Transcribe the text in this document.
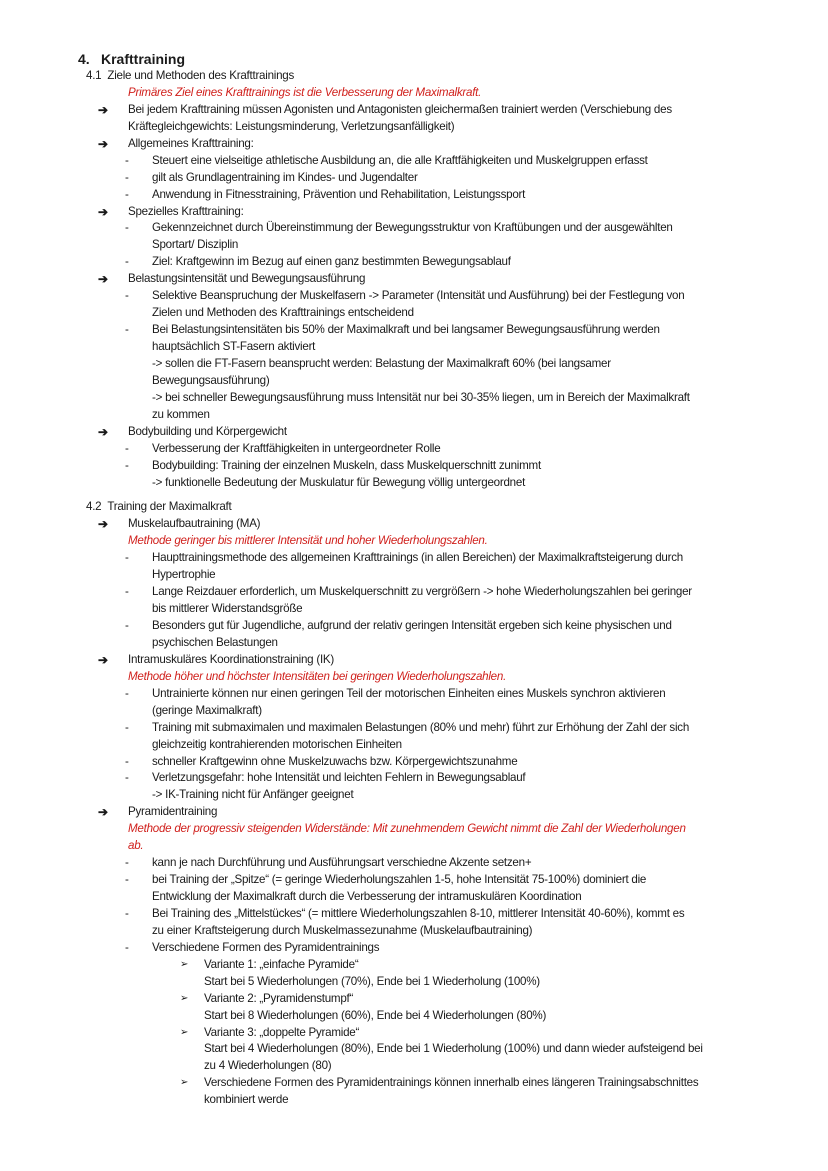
4. Krafttraining
4.1 Ziele und Methoden des Krafttrainings
Primäres Ziel eines Krafttrainings ist die Verbesserung der Maximalkraft.
➔ Bei jedem Krafttraining müssen Agonisten und Antagonisten gleichermaßen trainiert werden (Verschiebung des
Kräftegleichgewichts: Leistungsminderung, Verletzungsanfälligkeit)
➔ Allgemeines Krafttraining:
- Steuert eine vielseitige athletische Ausbildung an, die alle Kraftfähigkeiten und Muskelgruppen erfasst
- gilt als Grundlagentraining im Kindes- und Jugendalter
- Anwendung in Fitnesstraining, Prävention und Rehabilitation, Leistungssport
➔ Spezielles Krafttraining:
- Gekennzeichnet durch Übereinstimmung der Bewegungsstruktur von Kraftübungen und der ausgewählten
Sportart/ Disziplin
- Ziel: Kraftgewinn im Bezug auf einen ganz bestimmten Bewegungsablauf
➔ Belastungsintensität und Bewegungsausführung
- Selektive Beanspruchung der Muskelfasern -> Parameter (Intensität und Ausführung) bei der Festlegung von
Zielen und Methoden des Krafttrainings entscheidend
- Bei Belastungsintensitäten bis 50% der Maximalkraft und bei langsamer Bewegungsausführung werden
hauptsächlich ST-Fasern aktiviert
-> sollen die FT-Fasern beansprucht werden: Belastung der Maximalkraft 60% (bei langsamer
Bewegungsausführung)
-> bei schneller Bewegungsausführung muss Intensität nur bei 30-35% liegen, um in Bereich der Maximalkraft
zu kommen
➔ Bodybuilding und Körpergewicht
- Verbesserung der Kraftfähigkeiten in untergeordneter Rolle
- Bodybuilding: Training der einzelnen Muskeln, dass Muskelquerschnitt zunimmt
-> funktionelle Bedeutung der Muskulatur für Bewegung völlig untergeordnet
4.2 Training der Maximalkraft
➔ Muskelaufbautraining (MA)
Methode geringer bis mittlerer Intensität und hoher Wiederholungszahlen.
- Haupttrainingsmethode des allgemeinen Krafttrainings (in allen Bereichen) der Maximalkraftsteigerung durch
Hypertrophie
- Lange Reizdauer erforderlich, um Muskelquerschnitt zu vergrößern -> hohe Wiederholungszahlen bei geringer
bis mittlerer Widerstandsgröße
- Besonders gut für Jugendliche, aufgrund der relativ geringen Intensität ergeben sich keine physischen und
psychischen Belastungen
➔ Intramuskuläres Koordinationstraining (IK)
Methode höher und höchster Intensitäten bei geringen Wiederholungszahlen.
- Untrainierte können nur einen geringen Teil der motorischen Einheiten eines Muskels synchron aktivieren
(geringe Maximalkraft)
- Training mit submaximalen und maximalen Belastungen (80% und mehr) führt zur Erhöhung der Zahl der sich
gleichzeitig kontrahierenden motorischen Einheiten
- schneller Kraftgewinn ohne Muskelzuwachs bzw. Körpergewichtszunahme
- Verletzungsgefahr: hohe Intensität und leichten Fehlern in Bewegungsablauf
-> IK-Training nicht für Anfänger geeignet
➔ Pyramidentraining
Methode der progressiv steigenden Widerstände: Mit zunehmendem Gewicht nimmt die Zahl der Wiederholungen
ab.
- kann je nach Durchführung und Ausführungsart verschiedne Akzente setzen+
- bei Training der „Spitze“ (= geringe Wiederholungszahlen 1-5, hohe Intensität 75-100%) dominiert die
Entwicklung der Maximalkraft durch die Verbesserung der intramuskulären Koordination
- Bei Training des „Mittelstückes“ (= mittlere Wiederholungszahlen 8-10, mittlerer Intensität 40-60%), kommt es
zu einer Kraftsteigerung durch Muskelmassezunahme (Muskelaufbautraining)
- Verschiedene Formen des Pyramidentrainings
➢ Variante 1: „einfache Pyramide“
Start bei 5 Wiederholungen (70%), Ende bei 1 Wiederholung (100%)
➢ Variante 2: „Pyramidenstumpf“
Start bei 8 Wiederholungen (60%), Ende bei 4 Wiederholungen (80%)
➢ Variante 3: „doppelte Pyramide“
Start bei 4 Wiederholungen (80%), Ende bei 1 Wiederholung (100%) und dann wieder aufsteigend bei
zu 4 Wiederholungen (80)
➢ Verschiedene Formen des Pyramidentrainings können innerhalb eines längeren Trainingsabschnittes
kombiniert werde
